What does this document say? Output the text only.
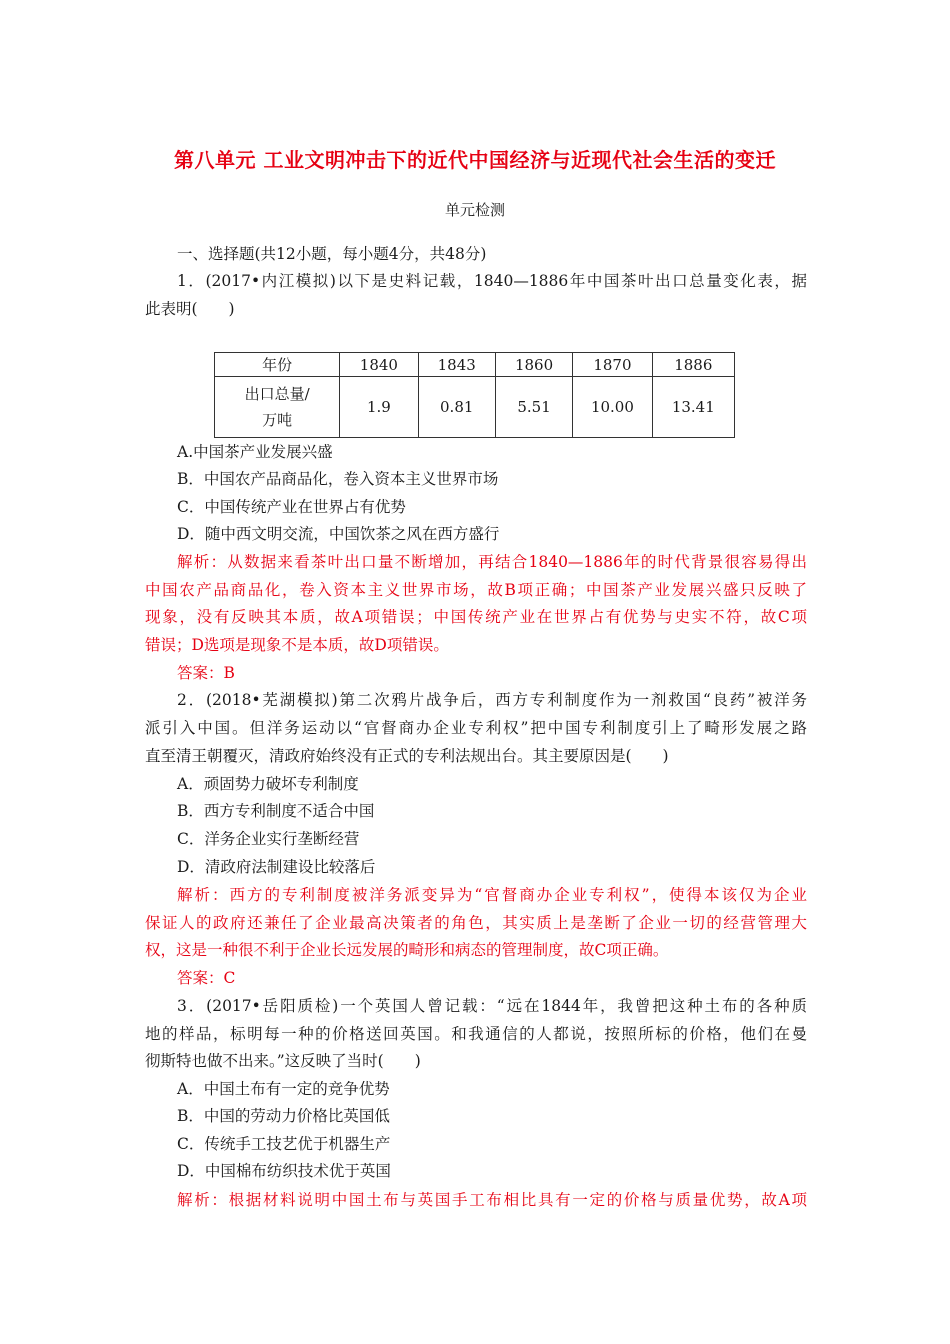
第八单元 工业文明冲击下的近代中国经济与近现代社会生活的变迁
单元检测
一、选择题(共12小题，每小题4分，共48分)
1．(2017•内江模拟)以下是史料记载，1840—1886年中国茶叶出口总量变化表，据
此表明(　　)
年份	1840	1843	1860	1870	1886

出口总量/
万吨	1.9	0.81	5.51	10.00	13.41
A.中国茶产业发展兴盛
B．中国农产品商品化，卷入资本主义世界市场
C．中国传统产业在世界占有优势
D．随中西文明交流，中国饮茶之风在西方盛行
解析：从数据来看茶叶出口量不断增加，再结合1840—1886年的时代背景很容易得出
中国农产品商品化，卷入资本主义世界市场，故B项正确；中国茶产业发展兴盛只反映了
现象，没有反映其本质，故A项错误；中国传统产业在世界占有优势与史实不符，故C项
错误；D选项是现象不是本质，故D项错误。
答案：B
2．(2018•芜湖模拟)第二次鸦片战争后，西方专利制度作为一剂救国“良药”被洋务
派引入中国。但洋务运动以“官督商办企业专利权”把中国专利制度引上了畸形发展之路
直至清王朝覆灭，清政府始终没有正式的专利法规出台。其主要原因是(　　)
A．顽固势力破坏专利制度
B．西方专利制度不适合中国
C．洋务企业实行垄断经营
D．清政府法制建设比较落后
解析：西方的专利制度被洋务派变异为“官督商办企业专利权”，使得本该仅为企业
保证人的政府还兼任了企业最高决策者的角色，其实质上是垄断了企业一切的经营管理大
权，这是一种很不利于企业长远发展的畸形和病态的管理制度，故C项正确。
答案：C
3．(2017•岳阳质检)一个英国人曾记载：“远在1844年，我曾把这种土布的各种质
地的样品，标明每一种的价格送回英国。和我通信的人都说，按照所标的价格，他们在曼
彻斯特也做不出来。”这反映了当时(　　)
A．中国土布有一定的竞争优势
B．中国的劳动力价格比英国低
C．传统手工技艺优于机器生产
D．中国棉布纺织技术优于英国
解析：根据材料说明中国土布与英国手工布相比具有一定的价格与质量优势，故A项
